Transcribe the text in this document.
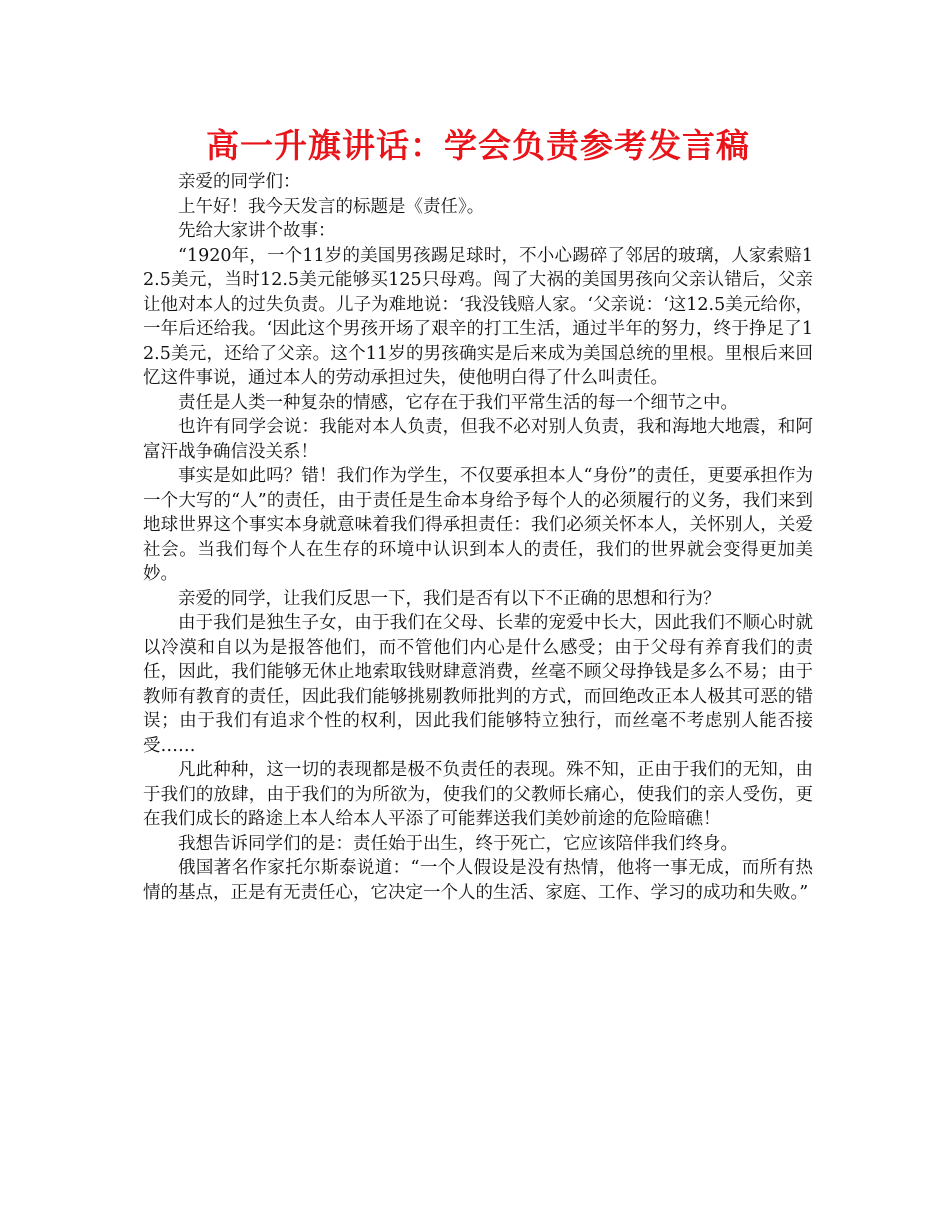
高一升旗讲话：学会负责参考发言稿

亲爱的同学们：

上午好！我今天发言的标题是《责任》。

先给大家讲个故事：

“1920年，一个11岁的美国男孩踢足球时，不小心踢碎了邻居的玻璃，人家索赔12.5美元，当时12.5美元能够买125只母鸡。闯了大祸的美国男孩向父亲认错后，父亲让他对本人的过失负责。儿子为难地说：‘我没钱赔人家。‘父亲说：‘这12.5美元给你，一年后还给我。‘因此这个男孩开场了艰辛的打工生活，通过半年的努力，终于挣足了12.5美元，还给了父亲。这个11岁的男孩确实是后来成为美国总统的里根。里根后来回忆这件事说，通过本人的劳动承担过失，使他明白得了什么叫责任。

责任是人类一种复杂的情感，它存在于我们平常生活的每一个细节之中。

也许有同学会说：我能对本人负责，但我不必对别人负责，我和海地大地震，和阿富汗战争确信没关系！

事实是如此吗？错！我们作为学生，不仅要承担本人“身份”的责任，更要承担作为一个大写的“人”的责任，由于责任是生命本身给予每个人的必须履行的义务，我们来到地球世界这个事实本身就意味着我们得承担责任：我们必须关怀本人，关怀别人，关爱社会。当我们每个人在生存的环境中认识到本人的责任，我们的世界就会变得更加美妙。

亲爱的同学，让我们反思一下，我们是否有以下不正确的思想和行为？

由于我们是独生子女，由于我们在父母、长辈的宠爱中长大，因此我们不顺心时就以冷漠和自以为是报答他们，而不管他们内心是什么感受；由于父母有养育我们的责任，因此，我们能够无休止地索取钱财肆意消费，丝毫不顾父母挣钱是多么不易；由于教师有教育的责任，因此我们能够挑剔教师批判的方式，而回绝改正本人极其可恶的错误；由于我们有追求个性的权利，因此我们能够特立独行，而丝毫不考虑别人能否接受……

凡此种种，这一切的表现都是极不负责任的表现。殊不知，正由于我们的无知，由于我们的放肆，由于我们的为所欲为，使我们的父教师长痛心，使我们的亲人受伤，更在我们成长的路途上本人给本人平添了可能葬送我们美妙前途的危险暗礁！

我想告诉同学们的是：责任始于出生，终于死亡，它应该陪伴我们终身。

俄国著名作家托尔斯泰说道：“一个人假设是没有热情，他将一事无成，而所有热情的基点，正是有无责任心，它决定一个人的生活、家庭、工作、学习的成功和失败。”
